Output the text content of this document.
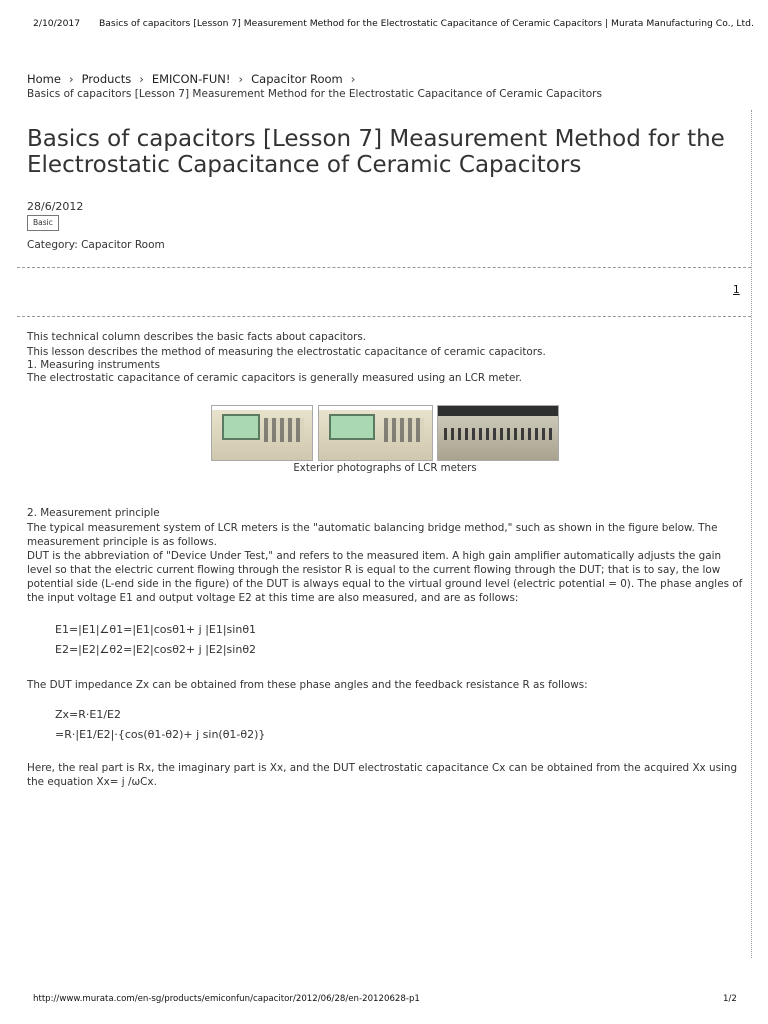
2/10/2017 Basics of capacitors [Lesson 7] Measurement Method for the Electrostatic Capacitance of Ceramic Capacitors | Murata Manufacturing Co., Ltd.
Home › Products › EMICON-FUN! › Capacitor Room ›
Basics of capacitors [Lesson 7] Measurement Method for the Electrostatic Capacitance of Ceramic Capacitors
Basics of capacitors [Lesson 7] Measurement Method for the Electrostatic Capacitance of Ceramic Capacitors
28/6/2012
Basic
Category: Capacitor Room
1
This technical column describes the basic facts about capacitors.
This lesson describes the method of measuring the electrostatic capacitance of ceramic capacitors.
1. Measuring instruments
The electrostatic capacitance of ceramic capacitors is generally measured using an LCR meter.
Exterior photographs of LCR meters
2. Measurement principle
The typical measurement system of LCR meters is the "automatic balancing bridge method," such as shown in the figure below. The measurement principle is as follows.
DUT is the abbreviation of "Device Under Test," and refers to the measured item. A high gain amplifier automatically adjusts the gain level so that the electric current flowing through the resistor R is equal to the current flowing through the DUT; that is to say, the low potential side (L-end side in the figure) of the DUT is always equal to the virtual ground level (electric potential = 0). The phase angles of the input voltage E1 and output voltage E2 at this time are also measured, and are as follows:
E1=|E1|∠θ1=|E1|cosθ1+ j |E1|sinθ1
E2=|E2|∠θ2=|E2|cosθ2+ j |E2|sinθ2
The DUT impedance Zx can be obtained from these phase angles and the feedback resistance R as follows:
Zx=R·E1/E2
=R·|E1/E2|·{cos(θ1-θ2)+ j sin(θ1-θ2)}
Here, the real part is Rx, the imaginary part is Xx, and the DUT electrostatic capacitance Cx can be obtained from the acquired Xx using the equation Xx= j /ωCx.
http://www.murata.com/en-sg/products/emiconfun/capacitor/2012/06/28/en-20120628-p1	1/2
